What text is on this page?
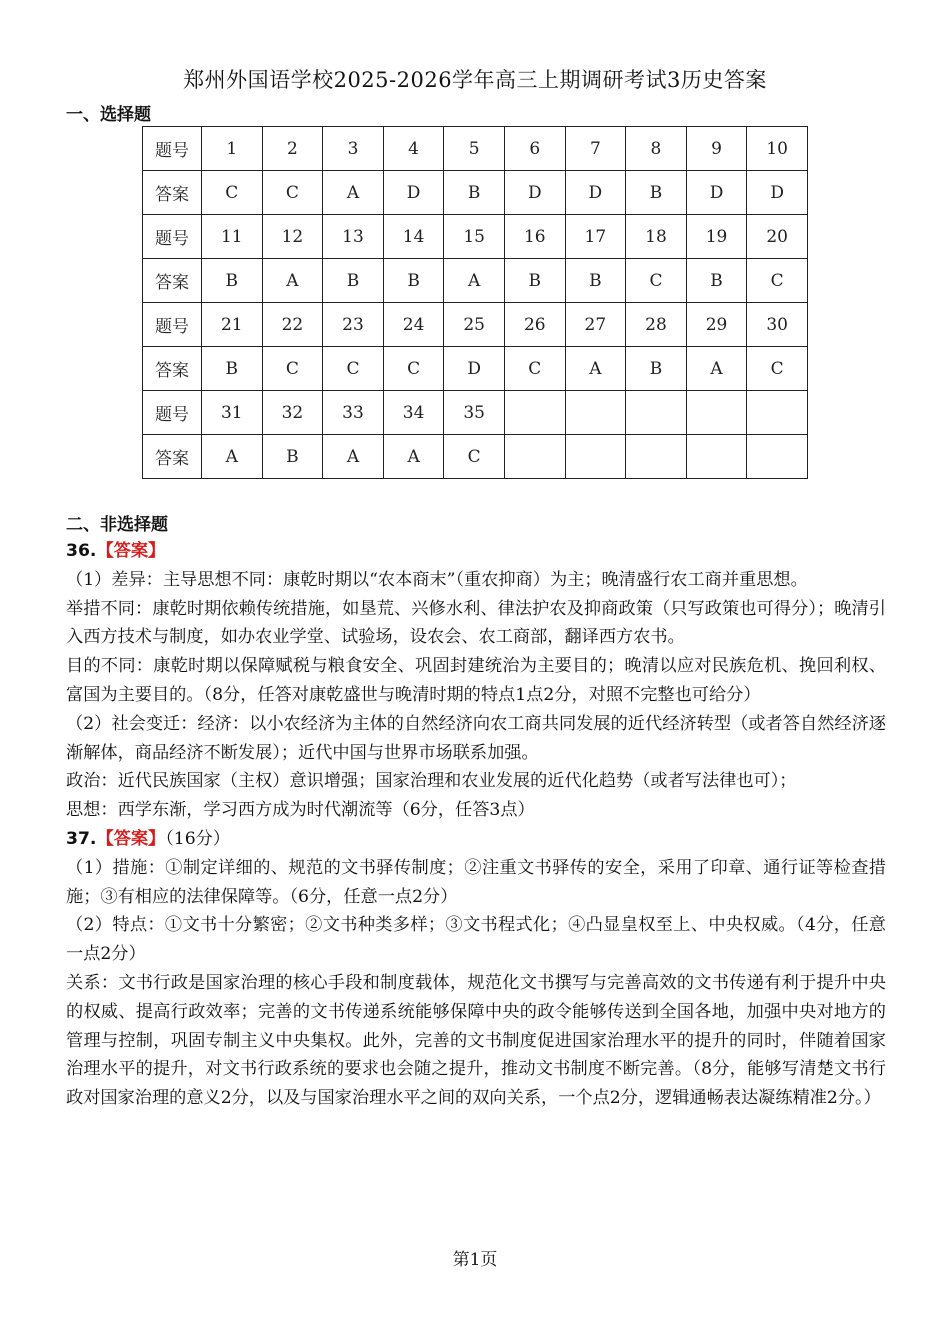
郑州外国语学校2025-2026学年高三上期调研考试3历史答案
一、选择题
题号	1	2	3	4	5	6	7	8	9	10
答案	C	C	A	D	B	D	D	B	D	D
题号	11	12	13	14	15	16	17	18	19	20
答案	B	A	B	B	A	B	B	C	B	C
题号	21	22	23	24	25	26	27	28	29	30
答案	B	C	C	C	D	C	A	B	A	C
题号	31	32	33	34	35					
答案	A	B	A	A	C					
二、非选择题

36.【答案】

（1）差异：主导思想不同：康乾时期以“农本商末”（重农抑商）为主；晚清盛行农工商并重思想。

举措不同：康乾时期依赖传统措施，如垦荒、兴修水利、律法护农及抑商政策（只写政策也可得分）；晚清引入西方技术与制度，如办农业学堂、试验场，设农会、农工商部，翻译西方农书。

目的不同：康乾时期以保障赋税与粮食安全、巩固封建统治为主要目的；晚清以应对民族危机、挽回利权、富国为主要目的。（8分，任答对康乾盛世与晚清时期的特点1点2分，对照不完整也可给分）

（2）社会变迁：经济：以小农经济为主体的自然经济向农工商共同发展的近代经济转型（或者答自然经济逐渐解体，商品经济不断发展）；近代中国与世界市场联系加强。

政治：近代民族国家（主权）意识增强；国家治理和农业发展的近代化趋势（或者写法律也可）；

思想：西学东渐，学习西方成为时代潮流等（6分，任答3点）

37.【答案】（16分）

（1）措施：①制定详细的、规范的文书驿传制度；②注重文书驿传的安全，采用了印章、通行证等检查措施；③有相应的法律保障等。（6分，任意一点2分）

（2）特点：①文书十分繁密；②文书种类多样；③文书程式化；④凸显皇权至上、中央权威。（4分，任意一点2分）

关系：文书行政是国家治理的核心手段和制度载体，规范化文书撰写与完善高效的文书传递有利于提升中央的权威、提高行政效率；完善的文书传递系统能够保障中央的政令能够传送到全国各地，加强中央对地方的管理与控制，巩固专制主义中央集权。此外，完善的文书制度促进国家治理水平的提升的同时，伴随着国家治理水平的提升，对文书行政系统的要求也会随之提升，推动文书制度不断完善。（8分，能够写清楚文书行政对国家治理的意义2分，以及与国家治理水平之间的双向关系，一个点2分，逻辑通畅表达凝练精准2分。）

第1页
